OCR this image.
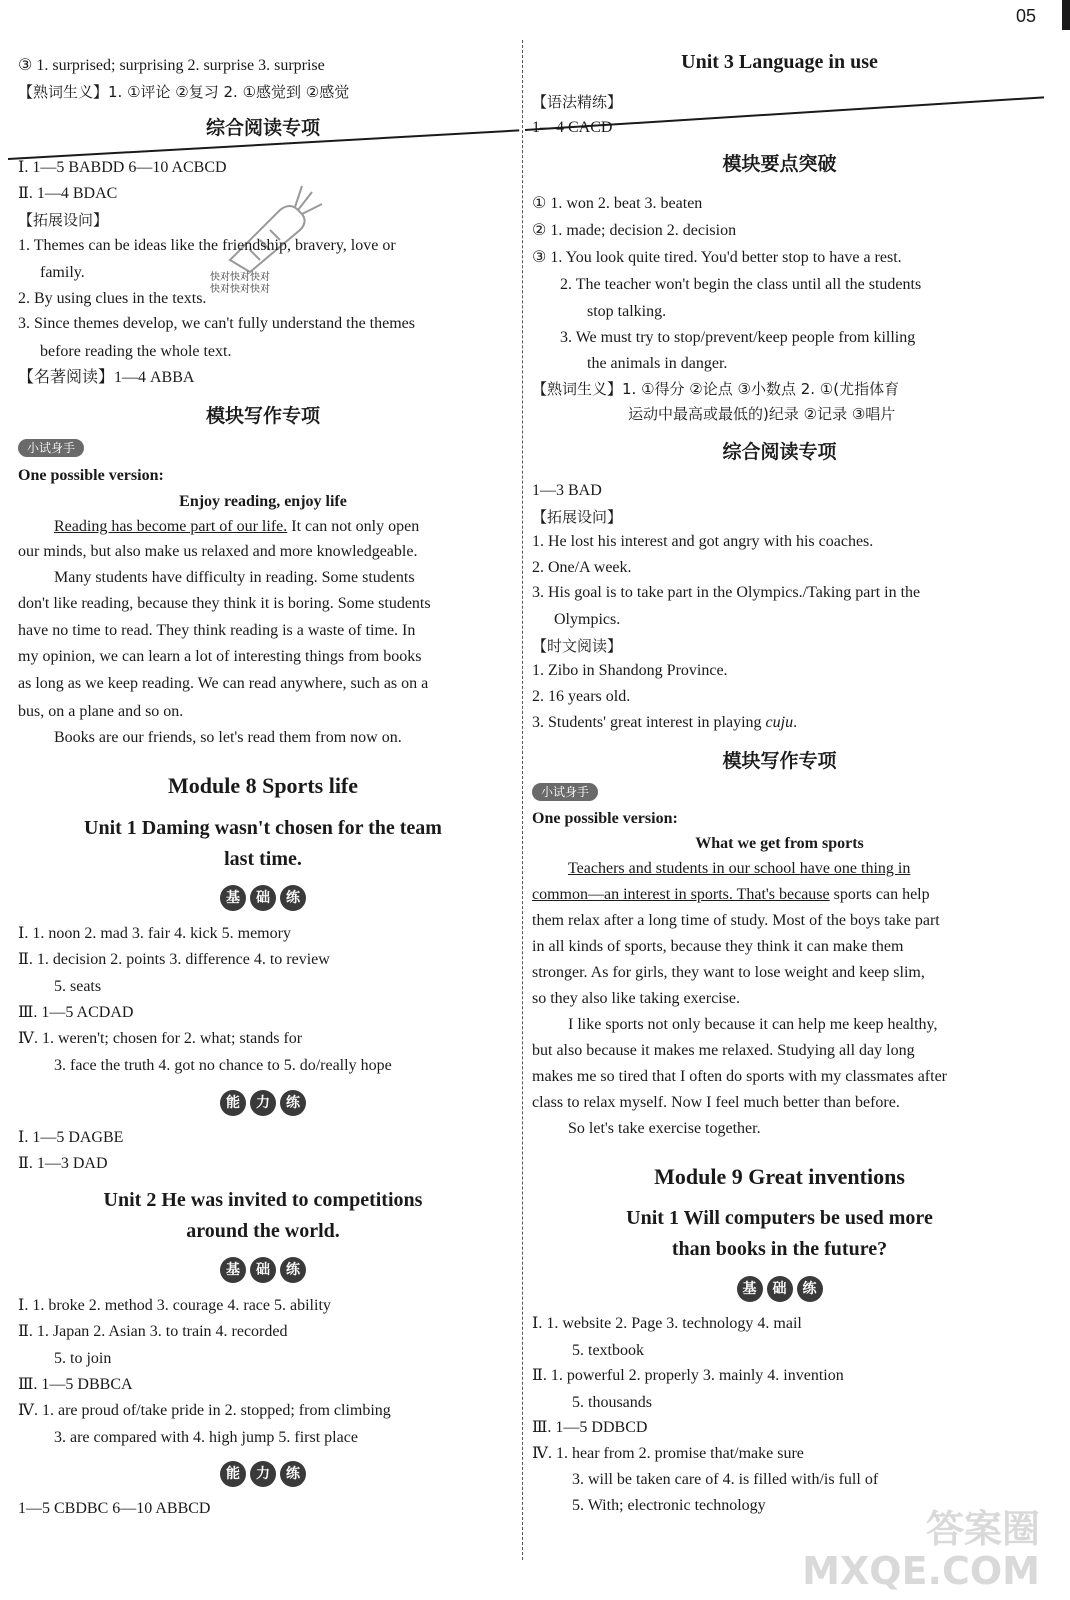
05
快对快对快对
快对快对快对
③ 1. surprised; surprising 2. surprise 3. surprise
【熟词生义】1. ①评论 ②复习 2. ①感觉到 ②感觉
综合阅读专项
Ⅰ. 1—5 BABDD 6—10 ACBCD
Ⅱ. 1—4 BDAC
【拓展设问】
1. Themes can be ideas like the friendship, bravery, love or
family.
2. By using clues in the texts.
3. Since themes develop, we can't fully understand the themes
before reading the whole text.
【名著阅读】1—4 ABBA
模块写作专项
小试身手
One possible version:
Enjoy reading, enjoy life
Reading has become part of our life. It can not only open
our minds, but also make us relaxed and more knowledgeable.
Many students have difficulty in reading. Some students
don't like reading, because they think it is boring. Some students
have no time to read. They think reading is a waste of time. In
my opinion, we can learn a lot of interesting things from books
as long as we keep reading. We can read anywhere, such as on a
bus, on a plane and so on.
Books are our friends, so let's read them from now on.
Module 8 Sports life
Unit 1 Daming wasn't chosen for the team
last time.
基 础 练
Ⅰ. 1. noon 2. mad 3. fair 4. kick 5. memory
Ⅱ. 1. decision 2. points 3. difference 4. to review
5. seats
Ⅲ. 1—5 ACDAD
Ⅳ. 1. weren't; chosen for 2. what; stands for
3. face the truth 4. got no chance to 5. do/really hope
能 力 练
Ⅰ. 1—5 DAGBE
Ⅱ. 1—3 DAD
Unit 2 He was invited to competitions
around the world.
基 础 练
Ⅰ. 1. broke 2. method 3. courage 4. race 5. ability
Ⅱ. 1. Japan 2. Asian 3. to train 4. recorded
5. to join
Ⅲ. 1—5 DBBCA
Ⅳ. 1. are proud of/take pride in 2. stopped; from climbing
3. are compared with 4. high jump 5. first place
能 力 练
1—5 CBDBC 6—10 ABBCD
Unit 3 Language in use
【语法精练】
1—4 CACD
模块要点突破
① 1. won 2. beat 3. beaten
② 1. made; decision 2. decision
③ 1. You look quite tired. You'd better stop to have a rest.
2. The teacher won't begin the class until all the students
stop talking.
3. We must try to stop/prevent/keep people from killing
the animals in danger.
【熟词生义】1. ①得分 ②论点 ③小数点 2. ①(尤指体育
运动中最高或最低的)纪录 ②记录 ③唱片
综合阅读专项
1—3 BAD
【拓展设问】
1. He lost his interest and got angry with his coaches.
2. One/A week.
3. His goal is to take part in the Olympics./Taking part in the
Olympics.
【时文阅读】
1. Zibo in Shandong Province.
2. 16 years old.
3. Students' great interest in playing cuju.
模块写作专项
小试身手
One possible version:
What we get from sports
Teachers and students in our school have one thing in
common—an interest in sports. That's because sports can help
them relax after a long time of study. Most of the boys take part
in all kinds of sports, because they think it can make them
stronger. As for girls, they want to lose weight and keep slim,
so they also like taking exercise.
I like sports not only because it can help me keep healthy,
but also because it makes me relaxed. Studying all day long
makes me so tired that I often do sports with my classmates after
class to relax myself. Now I feel much better than before.
So let's take exercise together.
Module 9 Great inventions
Unit 1 Will computers be used more
than books in the future?
基 础 练
Ⅰ. 1. website 2. Page 3. technology 4. mail
5. textbook
Ⅱ. 1. powerful 2. properly 3. mainly 4. invention
5. thousands
Ⅲ. 1—5 DDBCD
Ⅳ. 1. hear from 2. promise that/make sure
3. will be taken care of 4. is filled with/is full of
5. With; electronic technology
答案圈
MXQE.COM
